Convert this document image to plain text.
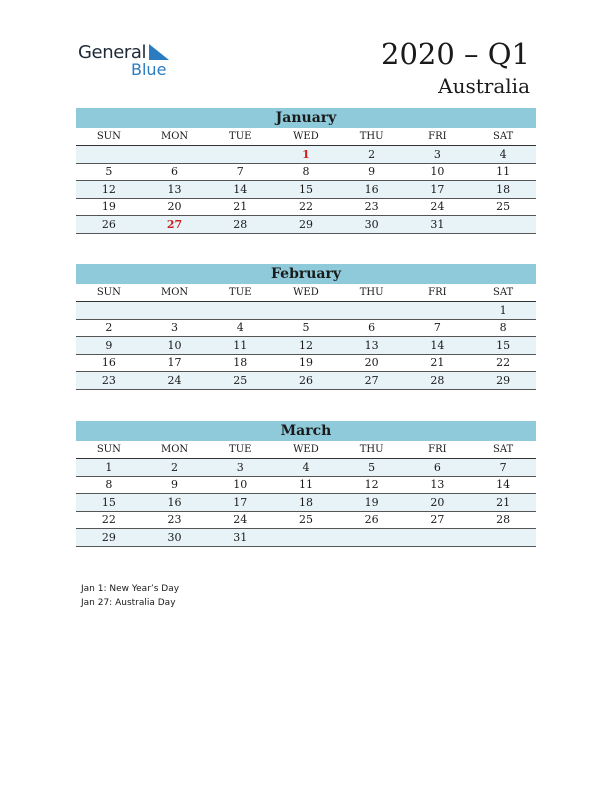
General
Blue	2020 – Q1
Australia
January
SUN	MON	TUE	WED	THU	FRI	SAT
			1	2	3	4
5	6	7	8	9	10	11
12	13	14	15	16	17	18
19	20	21	22	23	24	25
26	27	28	29	30	31	
February
SUN	MON	TUE	WED	THU	FRI	SAT
						1
2	3	4	5	6	7	8
9	10	11	12	13	14	15
16	17	18	19	20	21	22
23	24	25	26	27	28	29
March
SUN	MON	TUE	WED	THU	FRI	SAT
1	2	3	4	5	6	7
8	9	10	11	12	13	14
15	16	17	18	19	20	21
22	23	24	25	26	27	28
29	30	31				
Jan 1: New Year’s Day
Jan 27: Australia Day
